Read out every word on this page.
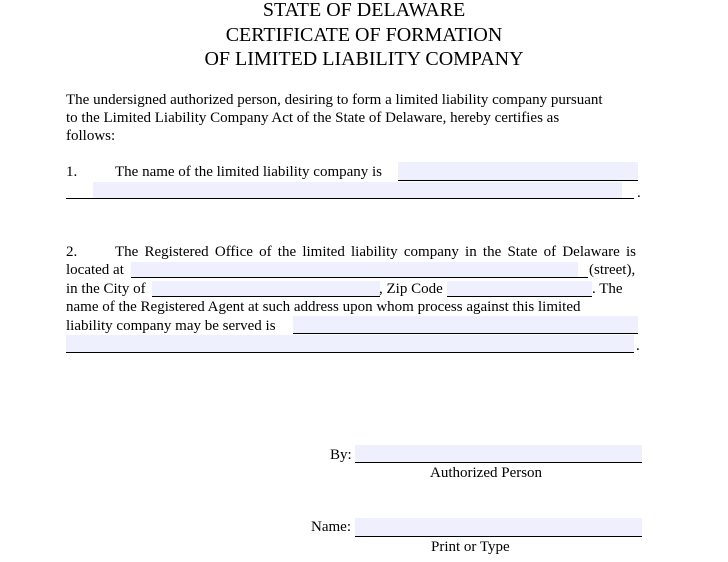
STATE OF DELAWARE
CERTIFICATE OF FORMATION
OF LIMITED LIABILITY COMPANY
The undersigned authorized person, desiring to form a limited liability company pursuant
to the Limited Liability Company Act of the State of Delaware, hereby certifies as
follows:
1.	The name of the limited liability company is
.
2.	The Registered Office of the limited liability company in the State of Delaware is
located at	(street),
in the City of	, Zip Code	. The
name of the Registered Agent at such address upon whom process against this limited
liability company may be served is
.
By:
Authorized Person
Name:
Print or Type
